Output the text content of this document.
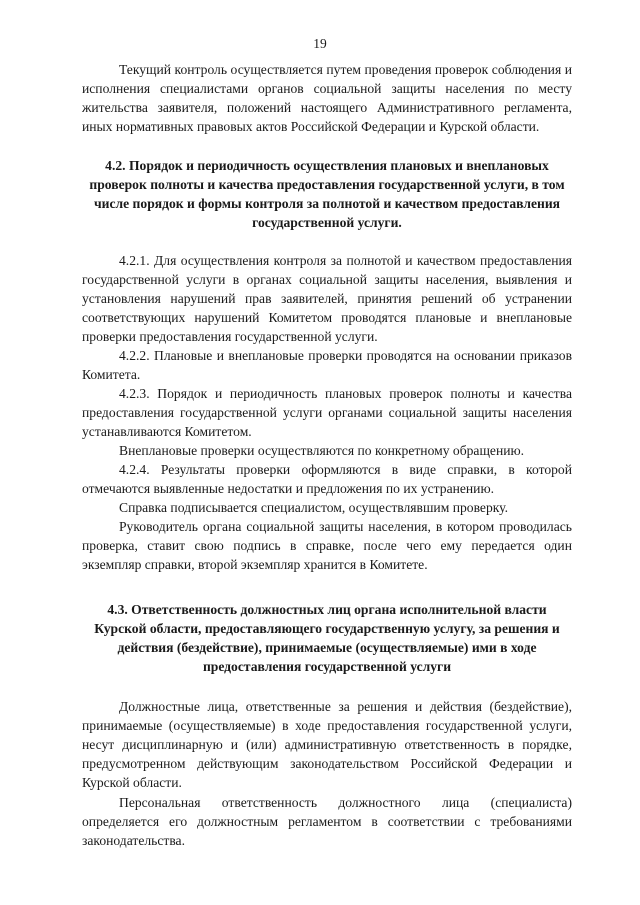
19

Текущий контроль осуществляется путем проведения проверок соблюдения и исполнения специалистами органов социальной защиты населения по месту жительства заявителя, положений настоящего Административного регламента, иных нормативных правовых актов Российской Федерации и Курской области.

4.2. Порядок и периодичность осуществления плановых и внеплановых проверок полноты и качества предоставления государственной услуги, в том числе порядок и формы контроля за полнотой и качеством предоставления государственной услуги.

4.2.1. Для осуществления контроля за полнотой и качеством предоставления государственной услуги в органах социальной защиты населения, выявления и установления нарушений прав заявителей, принятия решений об устранении соответствующих нарушений Комитетом проводятся плановые и внеплановые проверки предоставления государственной услуги.

4.2.2. Плановые и внеплановые проверки проводятся на основании приказов Комитета.

4.2.3. Порядок и периодичность плановых проверок полноты и качества предоставления государственной услуги органами социальной защиты населения устанавливаются Комитетом.

Внеплановые проверки осуществляются по конкретному обращению.

4.2.4. Результаты проверки оформляются в виде справки, в которой отмечаются выявленные недостатки и предложения по их устранению.

Справка подписывается специалистом, осуществлявшим проверку.

Руководитель органа социальной защиты населения, в котором проводилась проверка, ставит свою подпись в справке, после чего ему передается один экземпляр справки, второй экземпляр хранится в Комитете.

4.3. Ответственность должностных лиц органа исполнительной власти Курской области, предоставляющего государственную услугу, за решения и действия (бездействие), принимаемые (осуществляемые) ими в ходе предоставления государственной услуги

Должностные лица, ответственные за решения и действия (бездействие), принимаемые (осуществляемые) в ходе предоставления государственной услуги, несут дисциплинарную и (или) административную ответственность в порядке, предусмотренном действующим законодательством Российской Федерации и Курской области.

Персональная ответственность должностного лица (специалиста) определяется его должностным регламентом в соответствии с требованиями законодательства.
